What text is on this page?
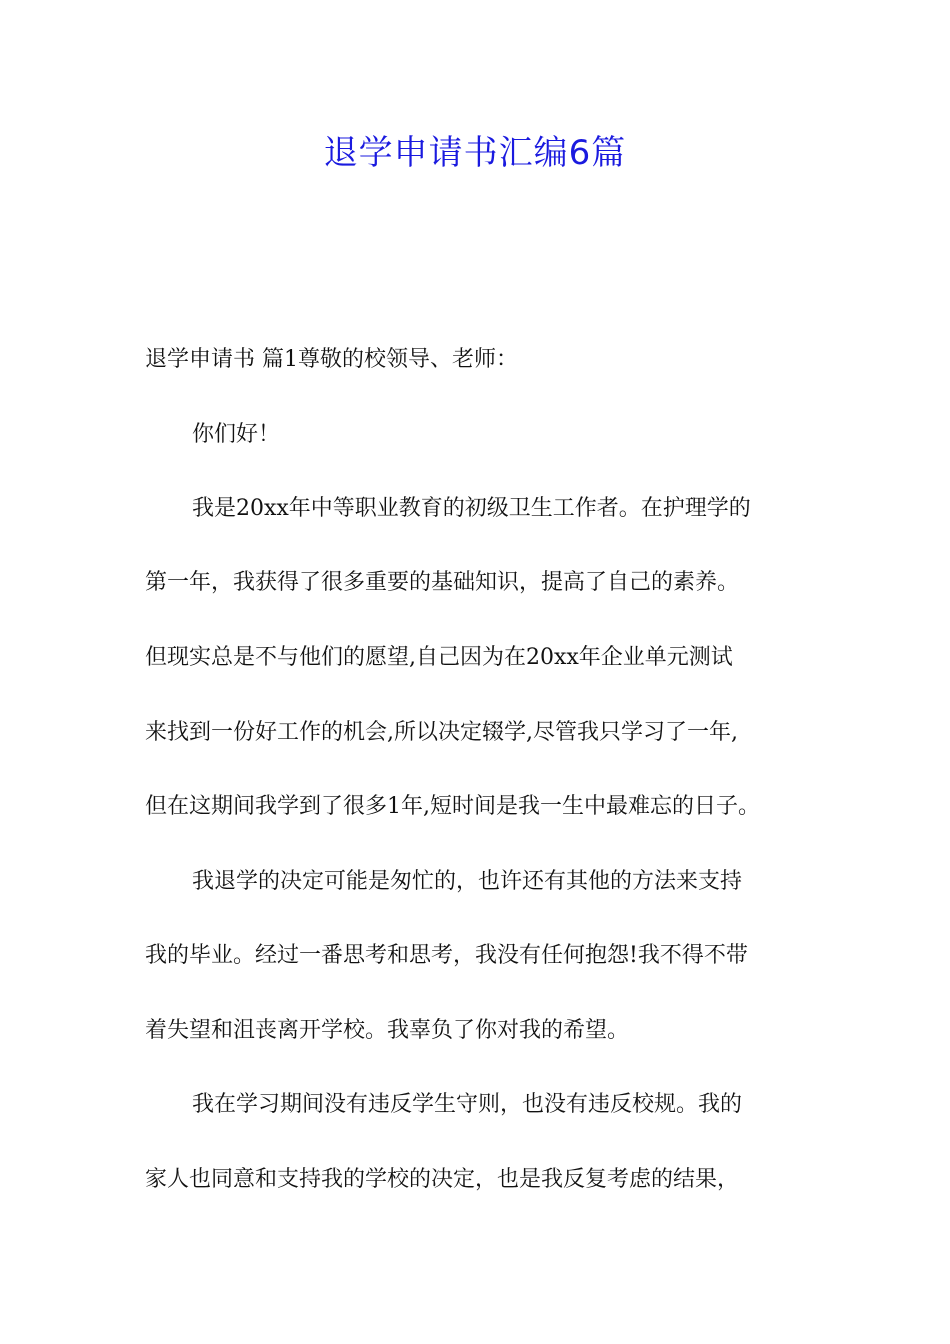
退学申请书汇编6篇

退学申请书 篇1尊敬的校领导、老师：

你们好！

我是20xx年中等职业教育的初级卫生工作者。在护理学的

第一年，我获得了很多重要的基础知识，提高了自己的素养。

但现实总是不与他们的愿望,自己因为在20xx年企业单元测试

来找到一份好工作的机会,所以决定辍学,尽管我只学习了一年,

但在这期间我学到了很多1年,短时间是我一生中最难忘的日子。

我退学的决定可能是匆忙的，也许还有其他的方法来支持

我的毕业。经过一番思考和思考，我没有任何抱怨!我不得不带

着失望和沮丧离开学校。我辜负了你对我的希望。

我在学习期间没有违反学生守则，也没有违反校规。我的

家人也同意和支持我的学校的决定，也是我反复考虑的结果，
